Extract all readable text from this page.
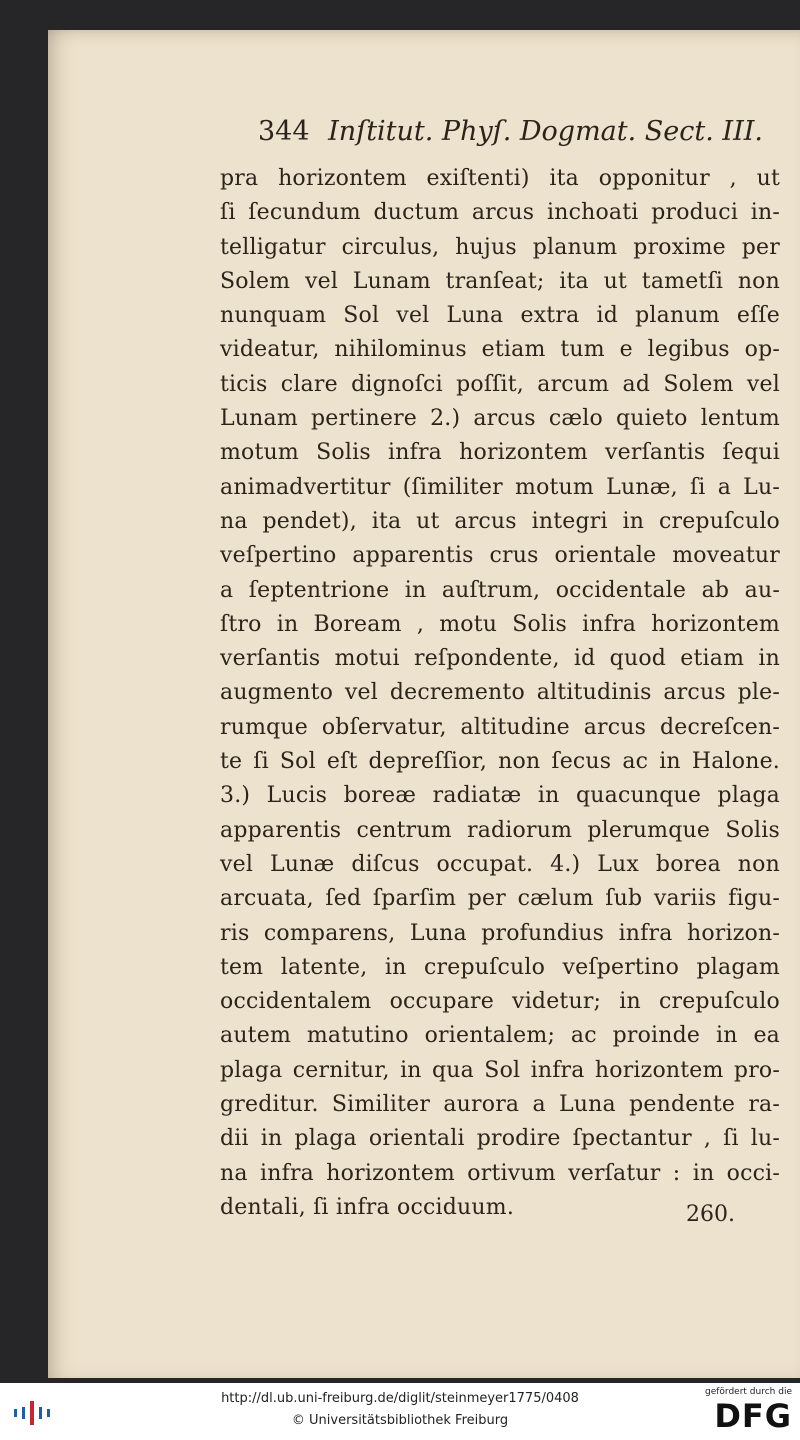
344 Inſtitut. Phyſ. Dogmat. Sect. III.
pra horizontem exiſtenti) ita opponitur , ut
ſi ſecundum ductum arcus inchoati produci in-
telligatur circulus, hujus planum proxime per
Solem vel Lunam tranſeat; ita ut tametſi non
nunquam Sol vel Luna extra id planum eſſe
videatur, nihilominus etiam tum e legibus op-
ticis clare dignoſci poſſit, arcum ad Solem vel
Lunam pertinere 2.) arcus cælo quieto lentum
motum Solis infra horizontem verſantis ſequi
animadvertitur (ſimiliter motum Lunæ, ſi a Lu-
na pendet), ita ut arcus integri in crepuſculo
veſpertino apparentis crus orientale moveatur
a ſeptentrione in auſtrum, occidentale ab au-
ſtro in Boream , motu Solis infra horizontem
verſantis motui reſpondente, id quod etiam in
augmento vel decremento altitudinis arcus ple-
rumque obſervatur, altitudine arcus decreſcen-
te ſi Sol eſt depreſſior, non ſecus ac in Halone.
3.) Lucis boreæ radiatæ in quacunque plaga
apparentis centrum radiorum plerumque Solis
vel Lunæ diſcus occupat. 4.) Lux borea non
arcuata, ſed ſparſim per cælum ſub variis figu-
ris comparens, Luna profundius infra horizon-
tem latente, in crepuſculo veſpertino plagam
occidentalem occupare videtur; in crepuſculo
autem matutino orientalem; ac proinde in ea
plaga cernitur, in qua Sol infra horizontem pro-
greditur. Similiter aurora a Luna pendente ra-
dii in plaga orientali prodire ſpectantur , ſi lu-
na infra horizontem ortivum verſatur : in occi-
dentali, ſi infra occiduum.	260.
http://dl.ub.uni-freiburg.de/diglit/steinmeyer1775/0408
© Universitätsbibliothek Freiburg
gefördert durch die
DFG
